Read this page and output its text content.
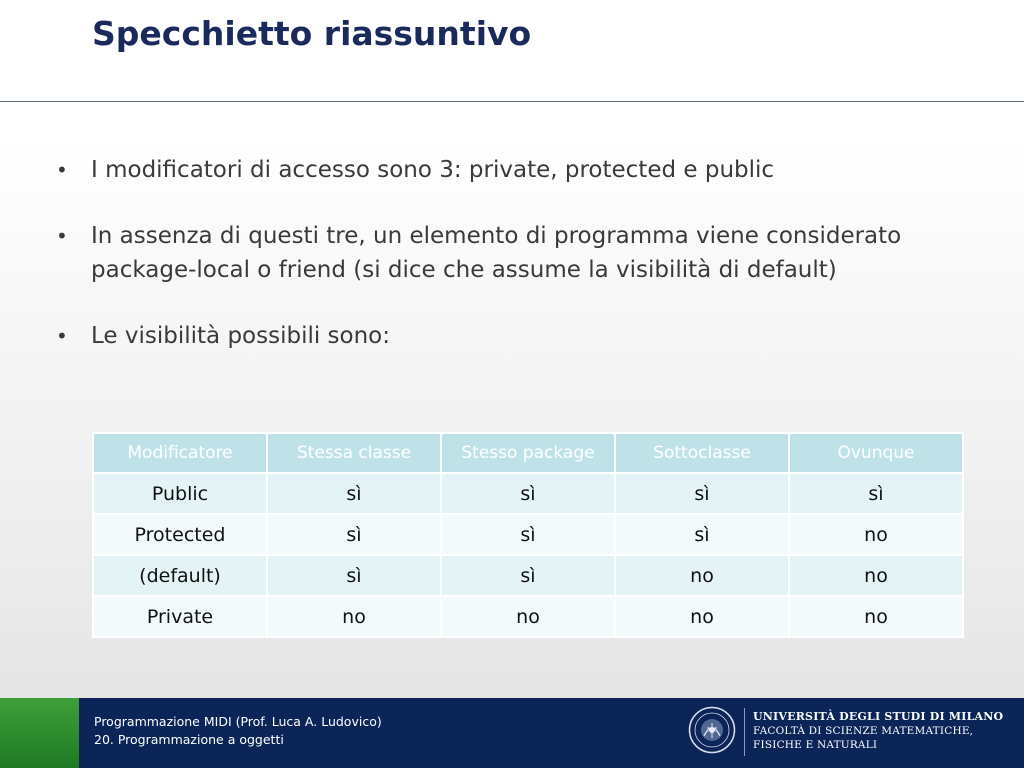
Specchietto riassuntivo
• I modificatori di accesso sono 3: private, protected e public
• In assenza di questi tre, un elemento di programma viene considerato package-local o friend (si dice che assume la visibilità di default)
• Le visibilità possibili sono:
Modificatore	Stessa classe	Stesso package	Sottoclasse	Ovunque
Public	sì	sì	sì	sì
Protected	sì	sì	sì	no
(default)	sì	sì	no	no
Private	no	no	no	no
Programmazione MIDI (Prof. Luca A. Ludovico)
20. Programmazione a oggetti
UNIVERSITÀ DEGLI STUDI DI MILANO
FACOLTÀ DI SCIENZE MATEMATICHE,
FISICHE E NATURALI
